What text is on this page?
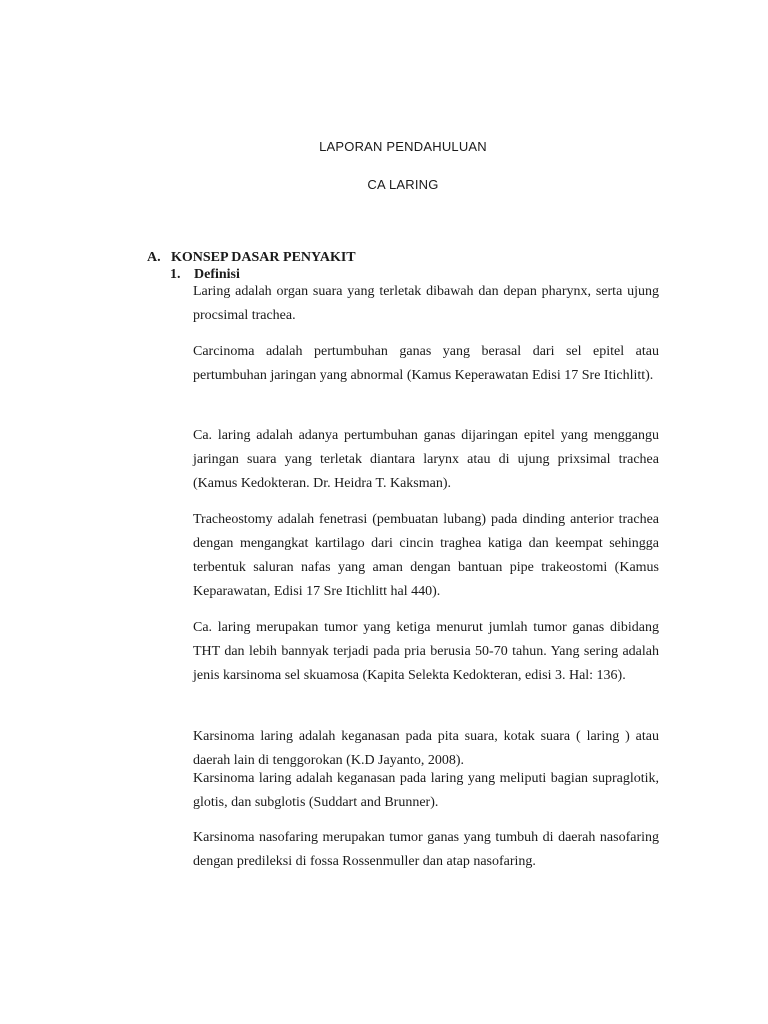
LAPORAN PENDAHULUAN
CA LARING
A. KONSEP DASAR PENYAKIT
1. Definisi

Laring adalah organ suara yang terletak dibawah dan depan pharynx, serta ujung procsimal trachea.

Carcinoma adalah pertumbuhan ganas yang berasal dari sel epitel atau pertumbuhan jaringan yang abnormal (Kamus Keperawatan Edisi 17 Sre Itichlitt).

Ca. laring adalah adanya pertumbuhan ganas dijaringan epitel yang menggangu jaringan suara yang terletak diantara larynx atau di ujung prixsimal trachea (Kamus Kedokteran. Dr. Heidra T. Kaksman).

Tracheostomy adalah fenetrasi (pembuatan lubang) pada dinding anterior trachea dengan mengangkat kartilago dari cincin traghea katiga dan keempat sehingga terbentuk saluran nafas yang aman dengan bantuan pipe trakeostomi (Kamus Keparawatan, Edisi 17 Sre Itichlitt hal 440).

Ca. laring merupakan tumor yang ketiga menurut jumlah tumor ganas dibidang THT dan lebih bannyak terjadi pada pria berusia 50-70 tahun. Yang sering adalah jenis karsinoma sel skuamosa (Kapita Selekta Kedokteran, edisi 3. Hal: 136).

Karsinoma laring adalah keganasan pada pita suara, kotak suara ( laring ) atau daerah lain di tenggorokan (K.D Jayanto, 2008).

Karsinoma laring adalah keganasan pada laring yang meliputi bagian supraglotik, glotis, dan subglotis (Suddart and Brunner).

Karsinoma nasofaring merupakan tumor ganas yang tumbuh di daerah nasofaring dengan predileksi di fossa Rossenmuller dan atap nasofaring.
